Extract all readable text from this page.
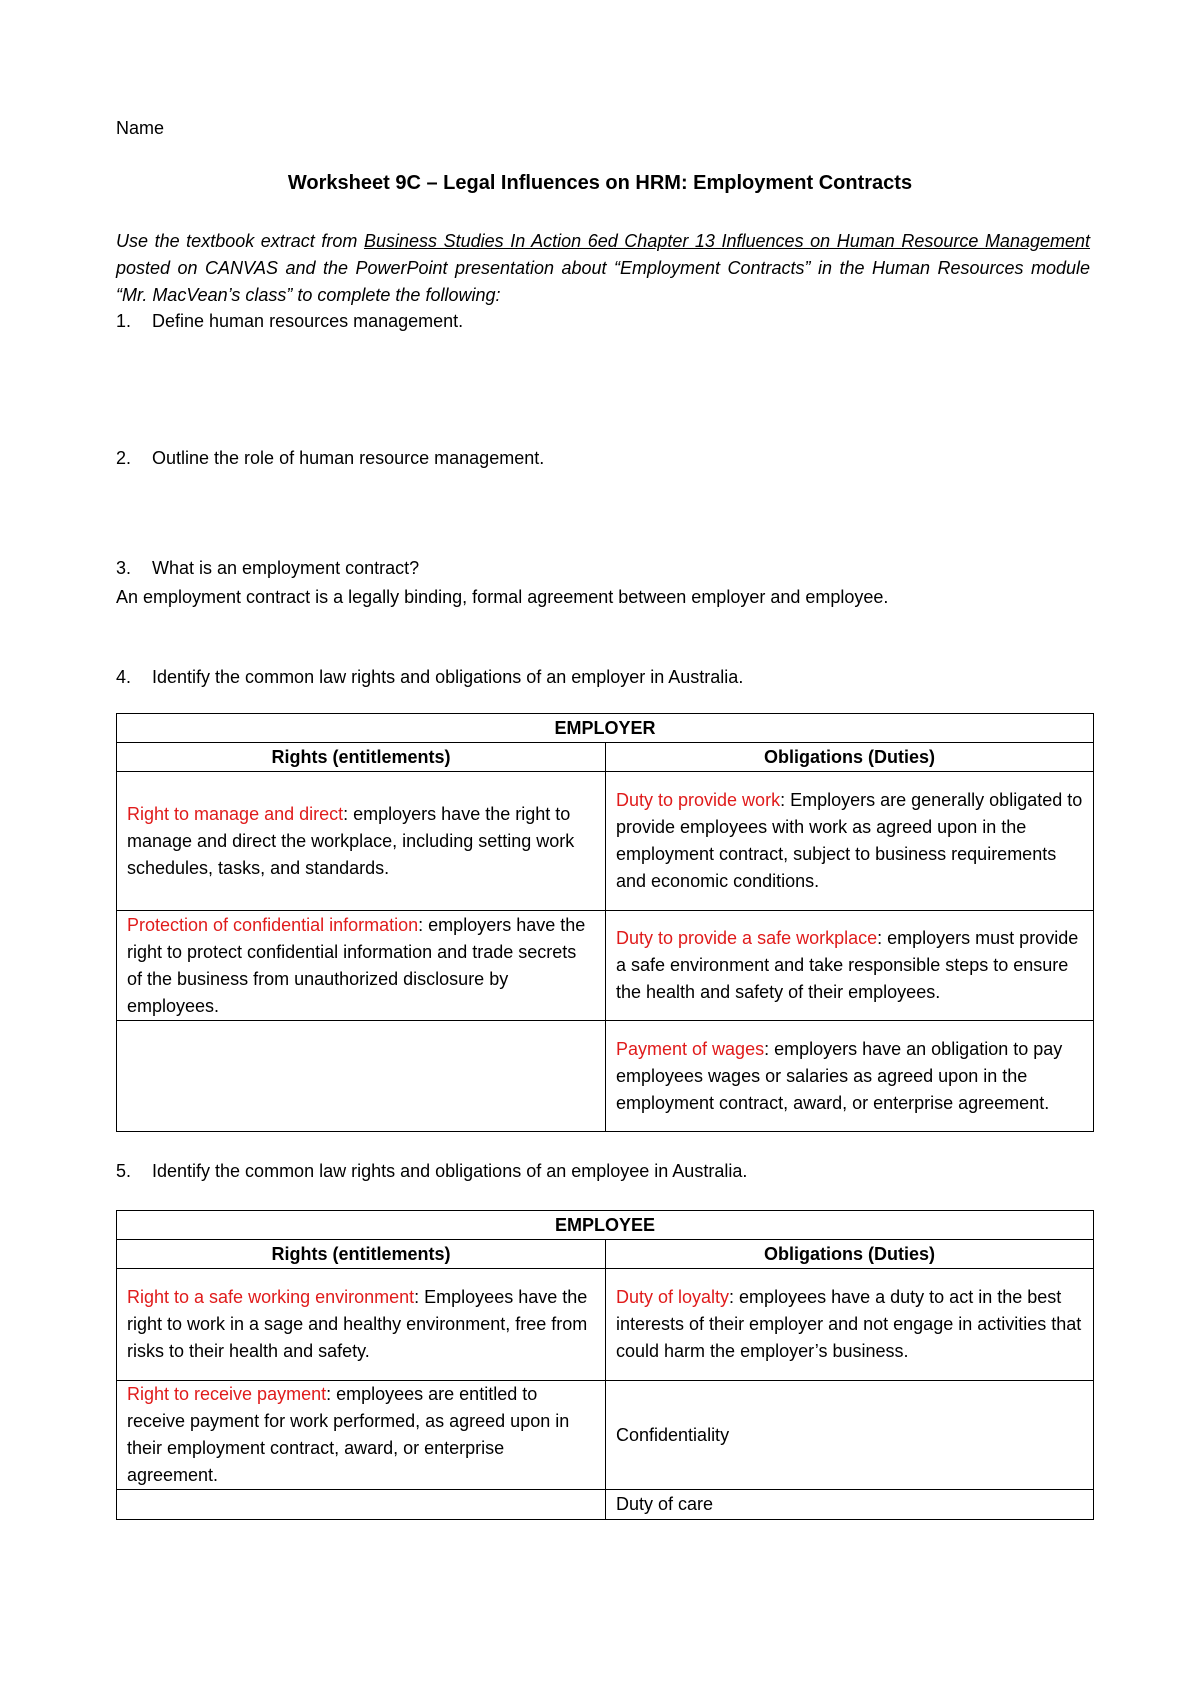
Name
Worksheet 9C – Legal Influences on HRM: Employment Contracts
Use the textbook extract from Business Studies In Action 6ed Chapter 13 Influences on Human Resource Management posted on CANVAS and the PowerPoint presentation about “Employment Contracts” in the Human Resources module “Mr. MacVean’s class” to complete the following:
1. Define human resources management.
2. Outline the role of human resource management.
3. What is an employment contract?
An employment contract is a legally binding, formal agreement between employer and employee.
4. Identify the common law rights and obligations of an employer in Australia.
EMPLOYER	
Rights (entitlements)	Obligations (Duties)
Right to manage and direct: employers have the right to manage and direct the workplace, including setting work schedules, tasks, and standards.	Duty to provide work: Employers are generally obligated to provide employees with work as agreed upon in the employment contract, subject to business requirements and economic conditions.
Protection of confidential information: employers have the right to protect confidential information and trade secrets of the business from unauthorized disclosure by employees.	Duty to provide a safe workplace: employers must provide a safe environment and take responsible steps to ensure the health and safety of their employees.
	Payment of wages: employers have an obligation to pay employees wages or salaries as agreed upon in the employment contract, award, or enterprise agreement.
5. Identify the common law rights and obligations of an employee in Australia.
EMPLOYEE	
Rights (entitlements)	Obligations (Duties)
Right to a safe working environment: Employees have the right to work in a sage and healthy environment, free from risks to their health and safety.	Duty of loyalty: employees have a duty to act in the best interests of their employer and not engage in activities that could harm the employer’s business.
Right to receive payment: employees are entitled to receive payment for work performed, as agreed upon in their employment contract, award, or enterprise agreement.	Confidentiality
	Duty of care
